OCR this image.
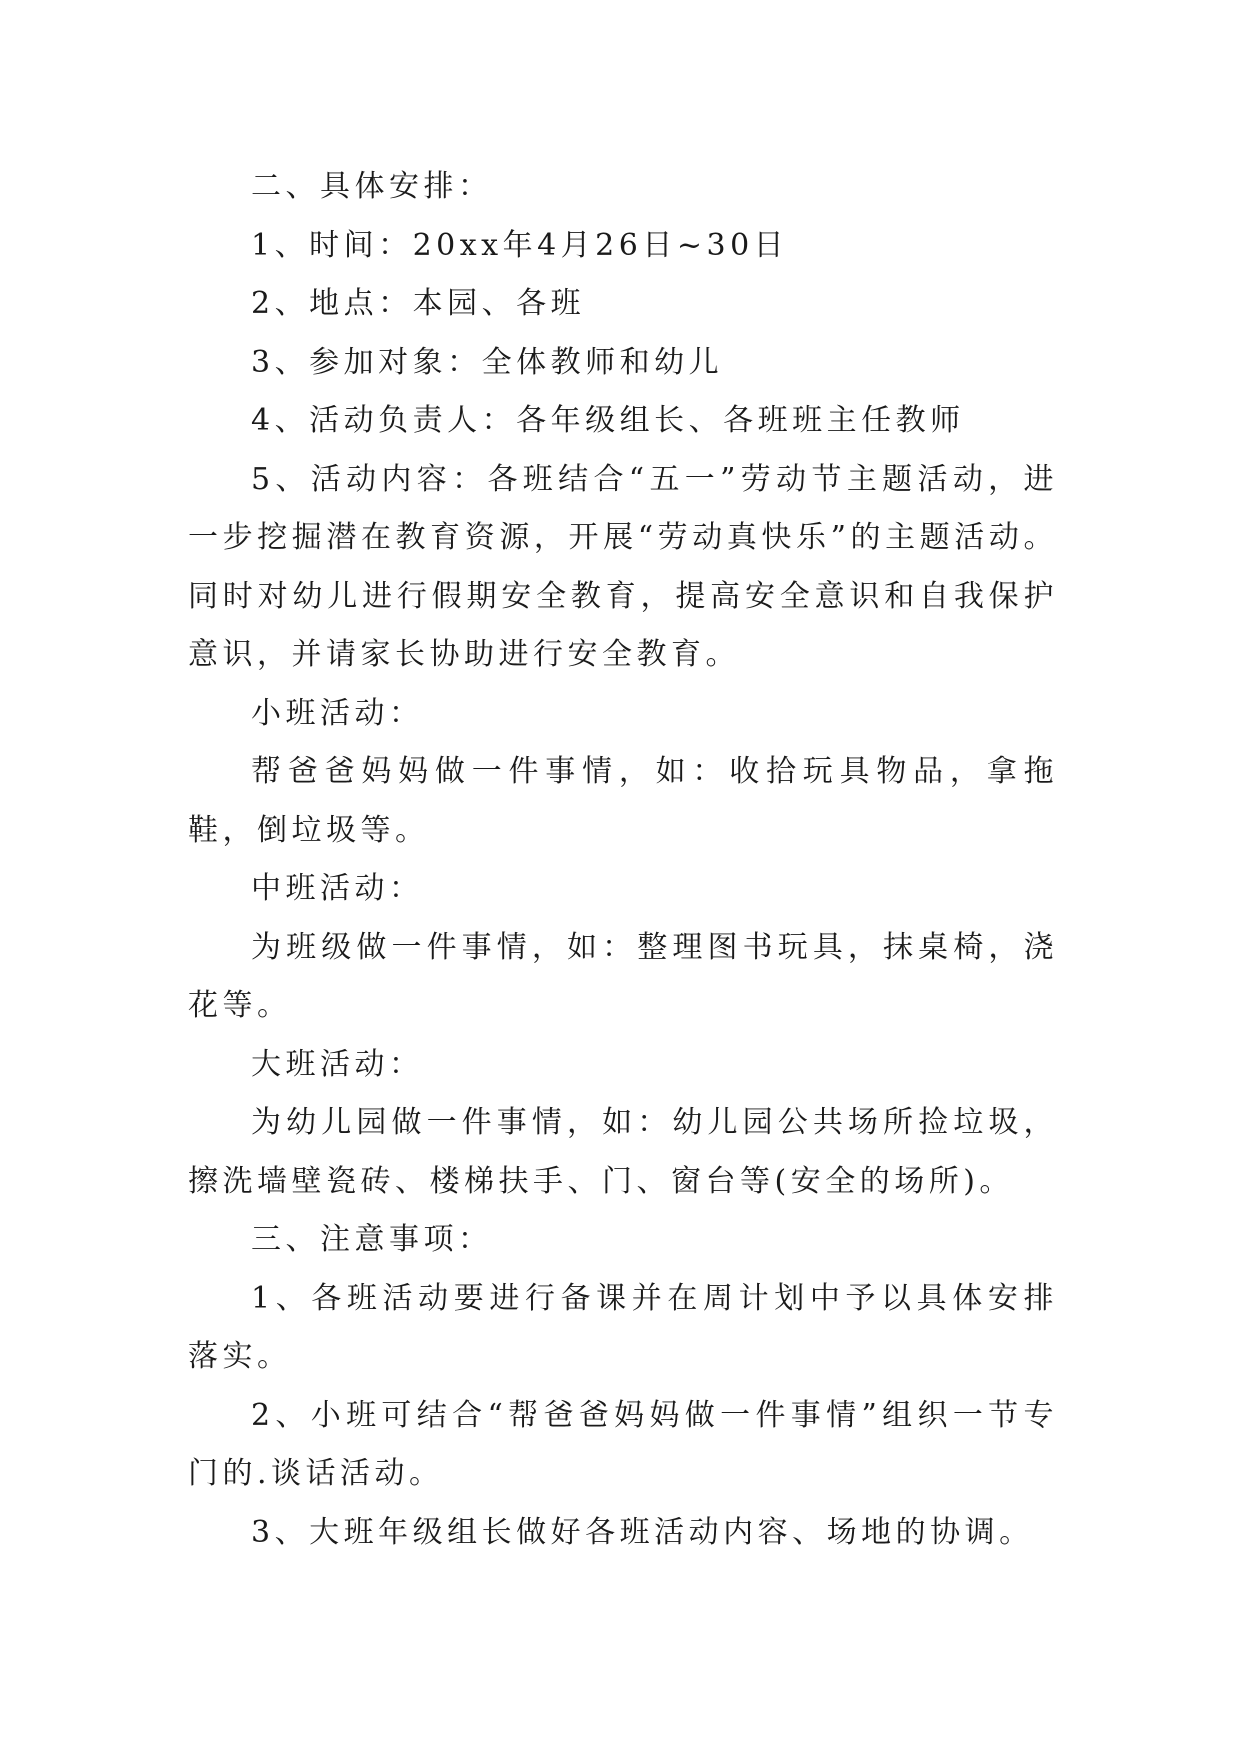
二、具体安排：

1、时间：20xx年4月26日~30日

2、地点：本园、各班

3、参加对象：全体教师和幼儿

4、活动负责人：各年级组长、各班班主任教师

5、活动内容：各班结合“五一”劳动节主题活动，进一步挖掘潜在教育资源，开展“劳动真快乐”的主题活动。同时对幼儿进行假期安全教育，提高安全意识和自我保护意识，并请家长协助进行安全教育。

小班活动：

帮爸爸妈妈做一件事情，如：收拾玩具物品，拿拖鞋，倒垃圾等。

中班活动：

为班级做一件事情，如：整理图书玩具，抹桌椅，浇花等。

大班活动：

为幼儿园做一件事情，如：幼儿园公共场所捡垃圾，擦洗墙壁瓷砖、楼梯扶手、门、窗台等(安全的场所)。

三、注意事项：

1、各班活动要进行备课并在周计划中予以具体安排落实。

2、小班可结合“帮爸爸妈妈做一件事情”组织一节专门的.谈话活动。

3、大班年级组长做好各班活动内容、场地的协调。
